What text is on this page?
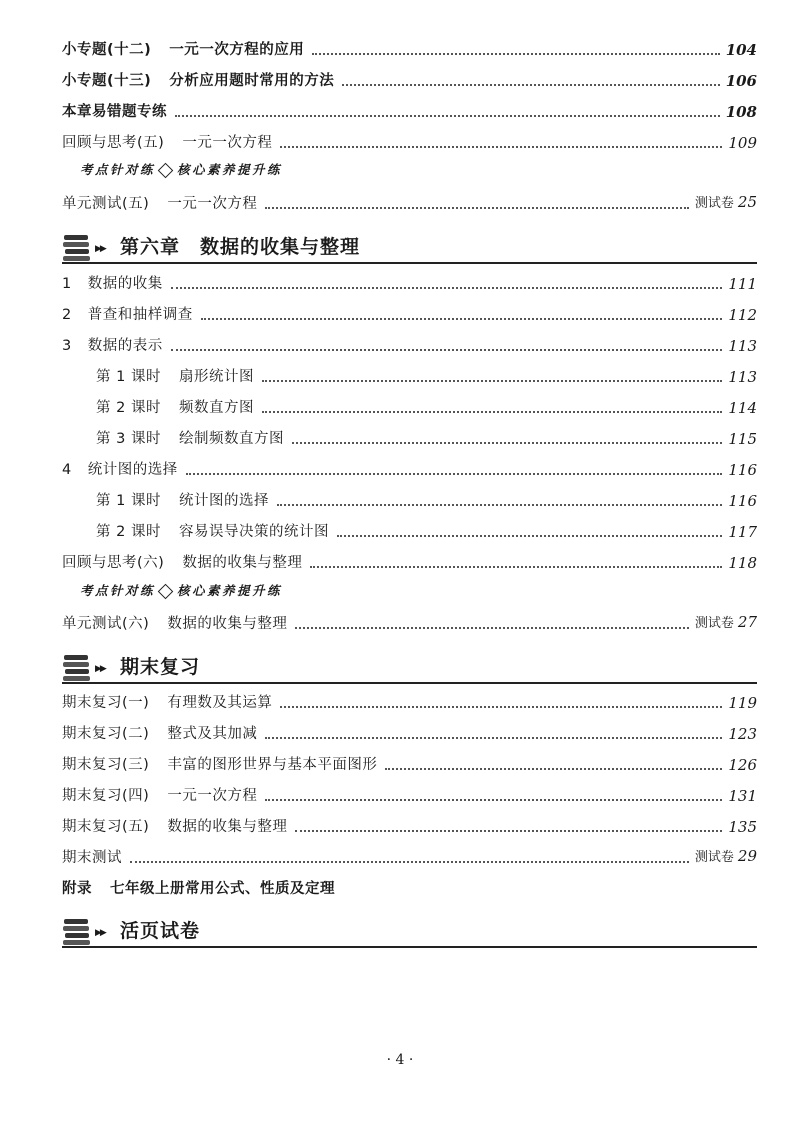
小专题(十二) 一元一次方程的应用	104
小专题(十三) 分析应用题时常用的方法	106
本章易错题专练	108
回顾与思考(五) 一元一次方程	109
考点针对练 核心素养提升练
单元测试(五) 一元一次方程	测试卷 25
▶▶ 第六章　数据的收集与整理
1 数据的收集	111
2 普查和抽样调查	112
3 数据的表示	113
第 1 课时 扇形统计图	113
第 2 课时 频数直方图	114
第 3 课时 绘制频数直方图	115
4 统计图的选择	116
第 1 课时 统计图的选择	116
第 2 课时 容易误导决策的统计图	117
回顾与思考(六) 数据的收集与整理	118
考点针对练 核心素养提升练
单元测试(六) 数据的收集与整理	测试卷 27
▶▶ 期末复习
期末复习(一) 有理数及其运算	119
期末复习(二) 整式及其加减	123
期末复习(三) 丰富的图形世界与基本平面图形	126
期末复习(四) 一元一次方程	131
期末复习(五) 数据的收集与整理	135
期末测试	测试卷 29
附录 七年级上册常用公式、性质及定理
▶▶ 活页试卷
· 4 ·
